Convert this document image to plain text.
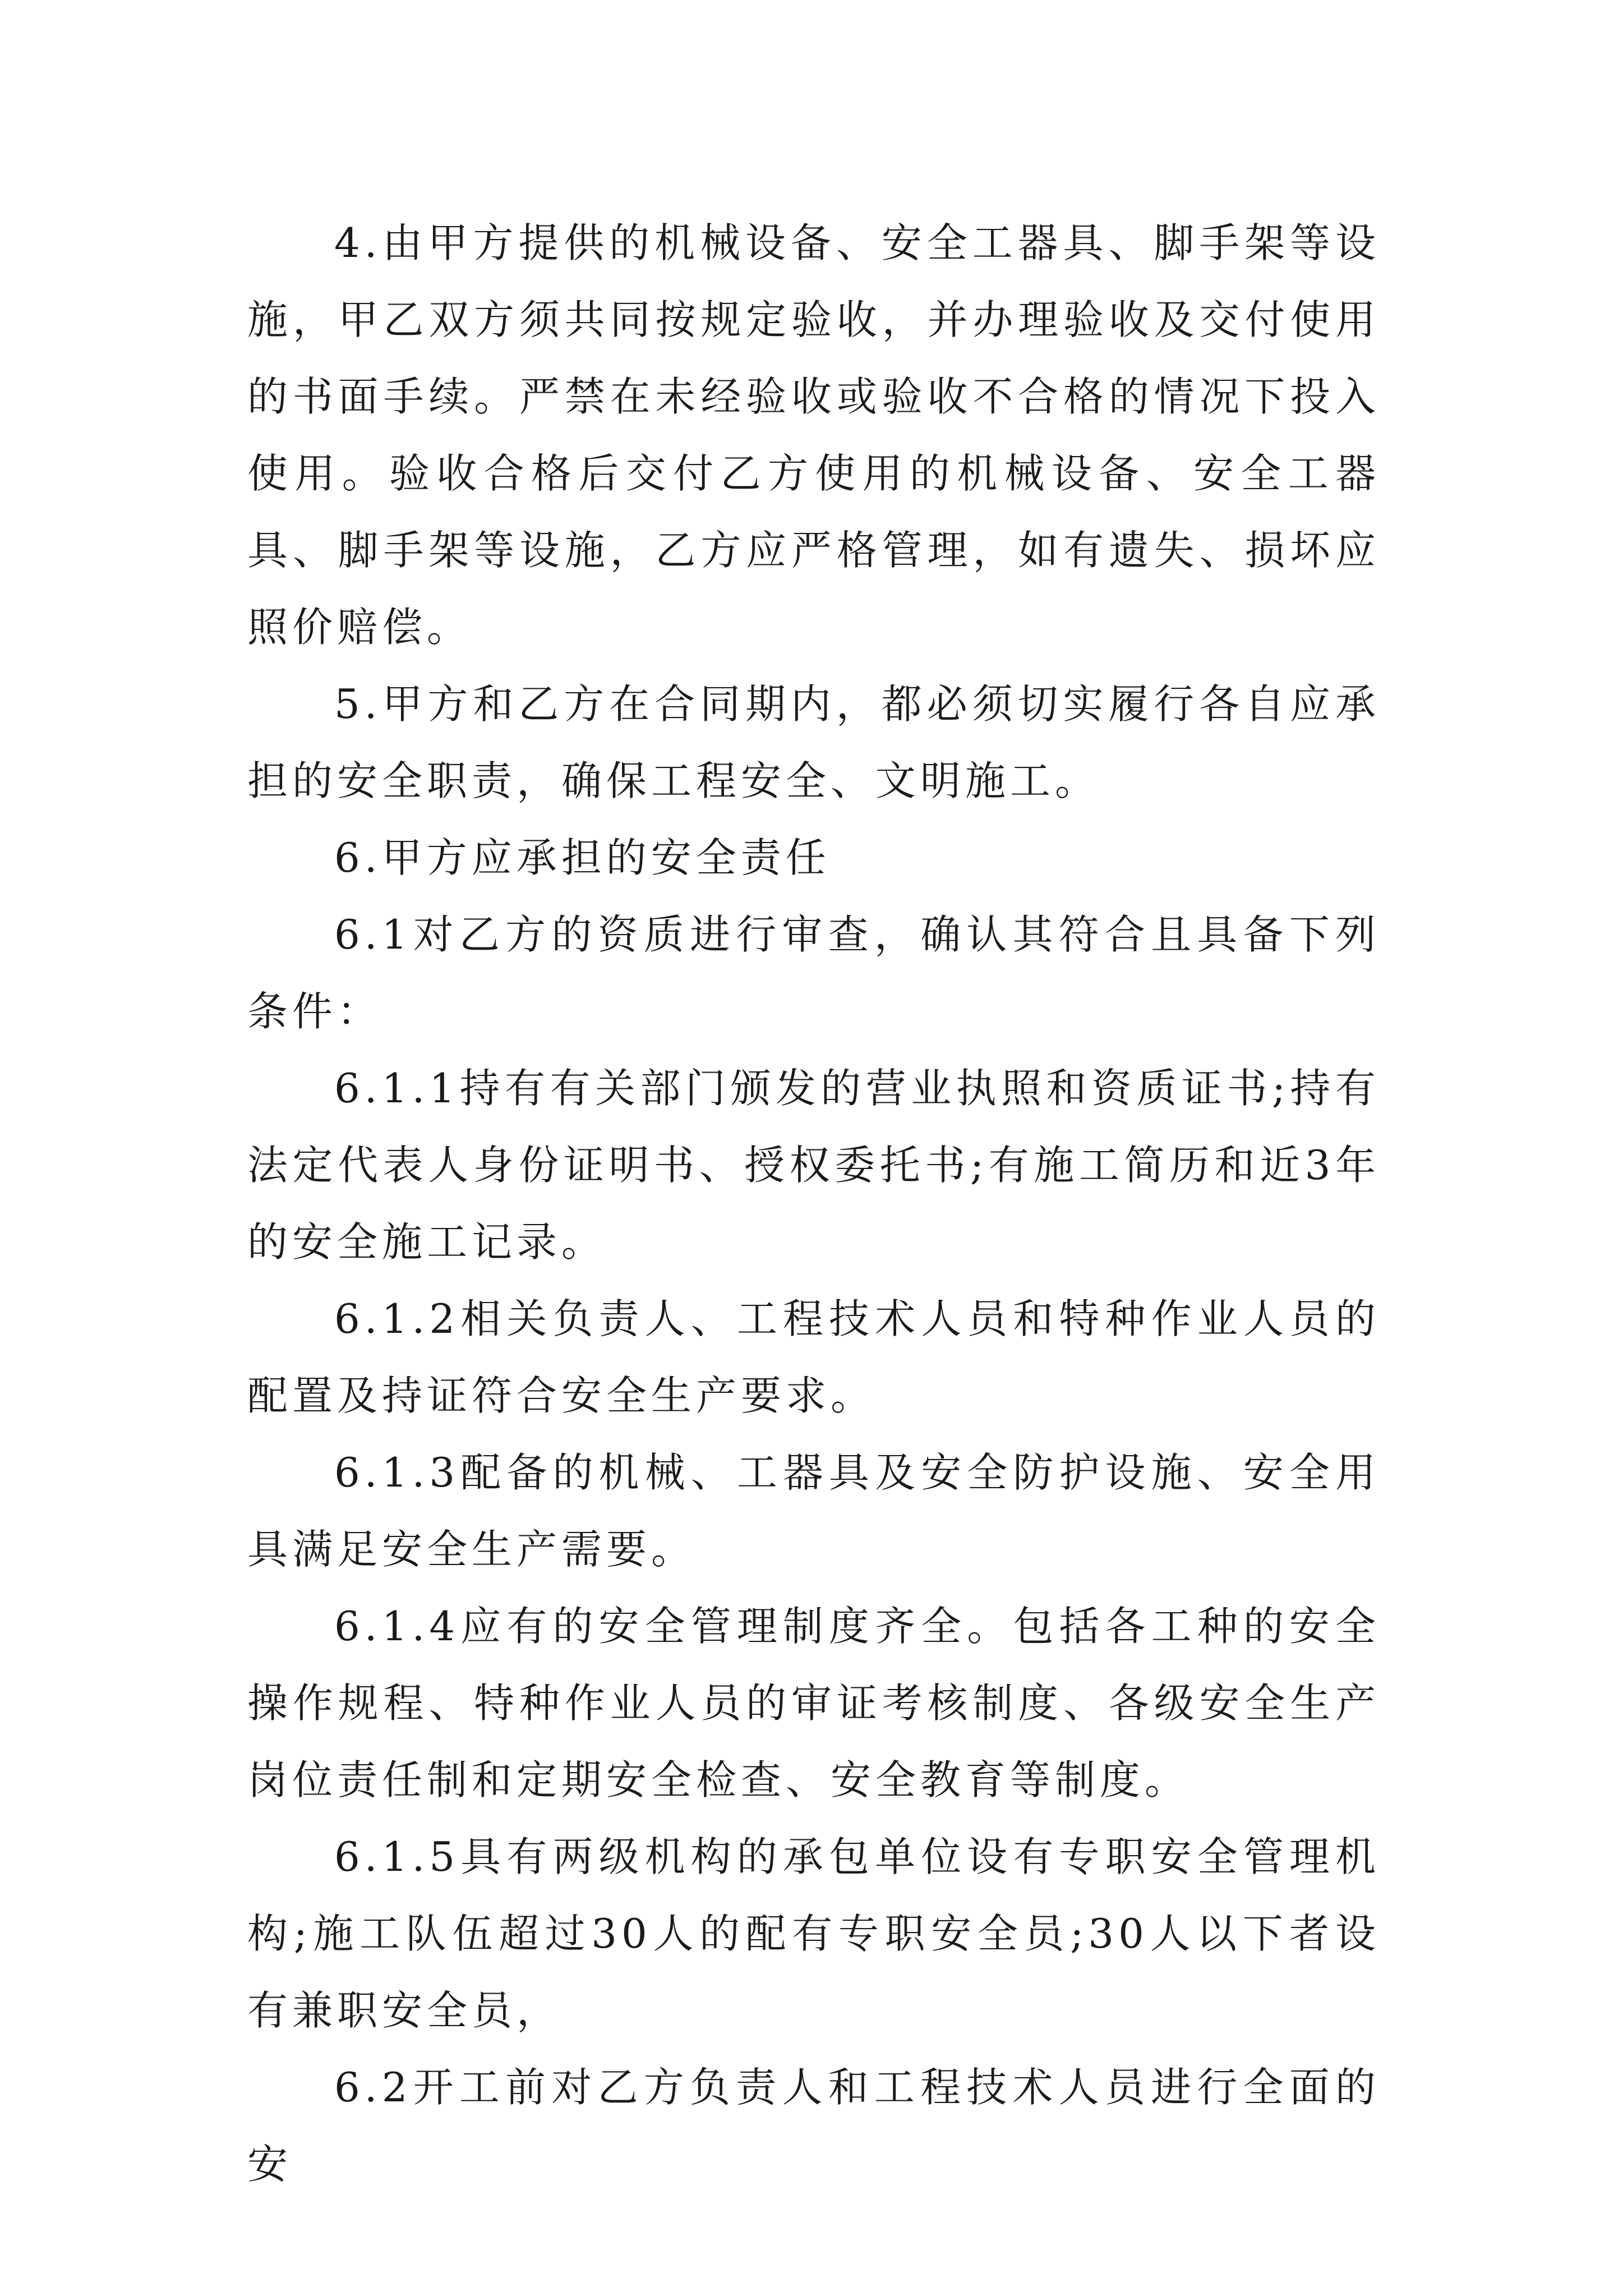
4.由甲方提供的机械设备、安全工器具、脚手架等设施，甲乙双方须共同按规定验收，并办理验收及交付使用的书面手续。严禁在未经验收或验收不合格的情况下投入使用。验收合格后交付乙方使用的机械设备、安全工器具、脚手架等设施，乙方应严格管理，如有遗失、损坏应照价赔偿。

5.甲方和乙方在合同期内，都必须切实履行各自应承担的安全职责，确保工程安全、文明施工。

6.甲方应承担的安全责任

6.1对乙方的资质进行审查，确认其符合且具备下列条件：

6.1.1持有有关部门颁发的营业执照和资质证书;持有法定代表人身份证明书、授权委托书;有施工简历和近3年的安全施工记录。

6.1.2相关负责人、工程技术人员和特种作业人员的配置及持证符合安全生产要求。

6.1.3配备的机械、工器具及安全防护设施、安全用具满足安全生产需要。

6.1.4应有的安全管理制度齐全。包括各工种的安全操作规程、特种作业人员的审证考核制度、各级安全生产岗位责任制和定期安全检查、安全教育等制度。

6.1.5具有两级机构的承包单位设有专职安全管理机构;施工队伍超过30人的配有专职安全员;30人以下者设有兼职安全员，

6.2开工前对乙方负责人和工程技术人员进行全面的安
